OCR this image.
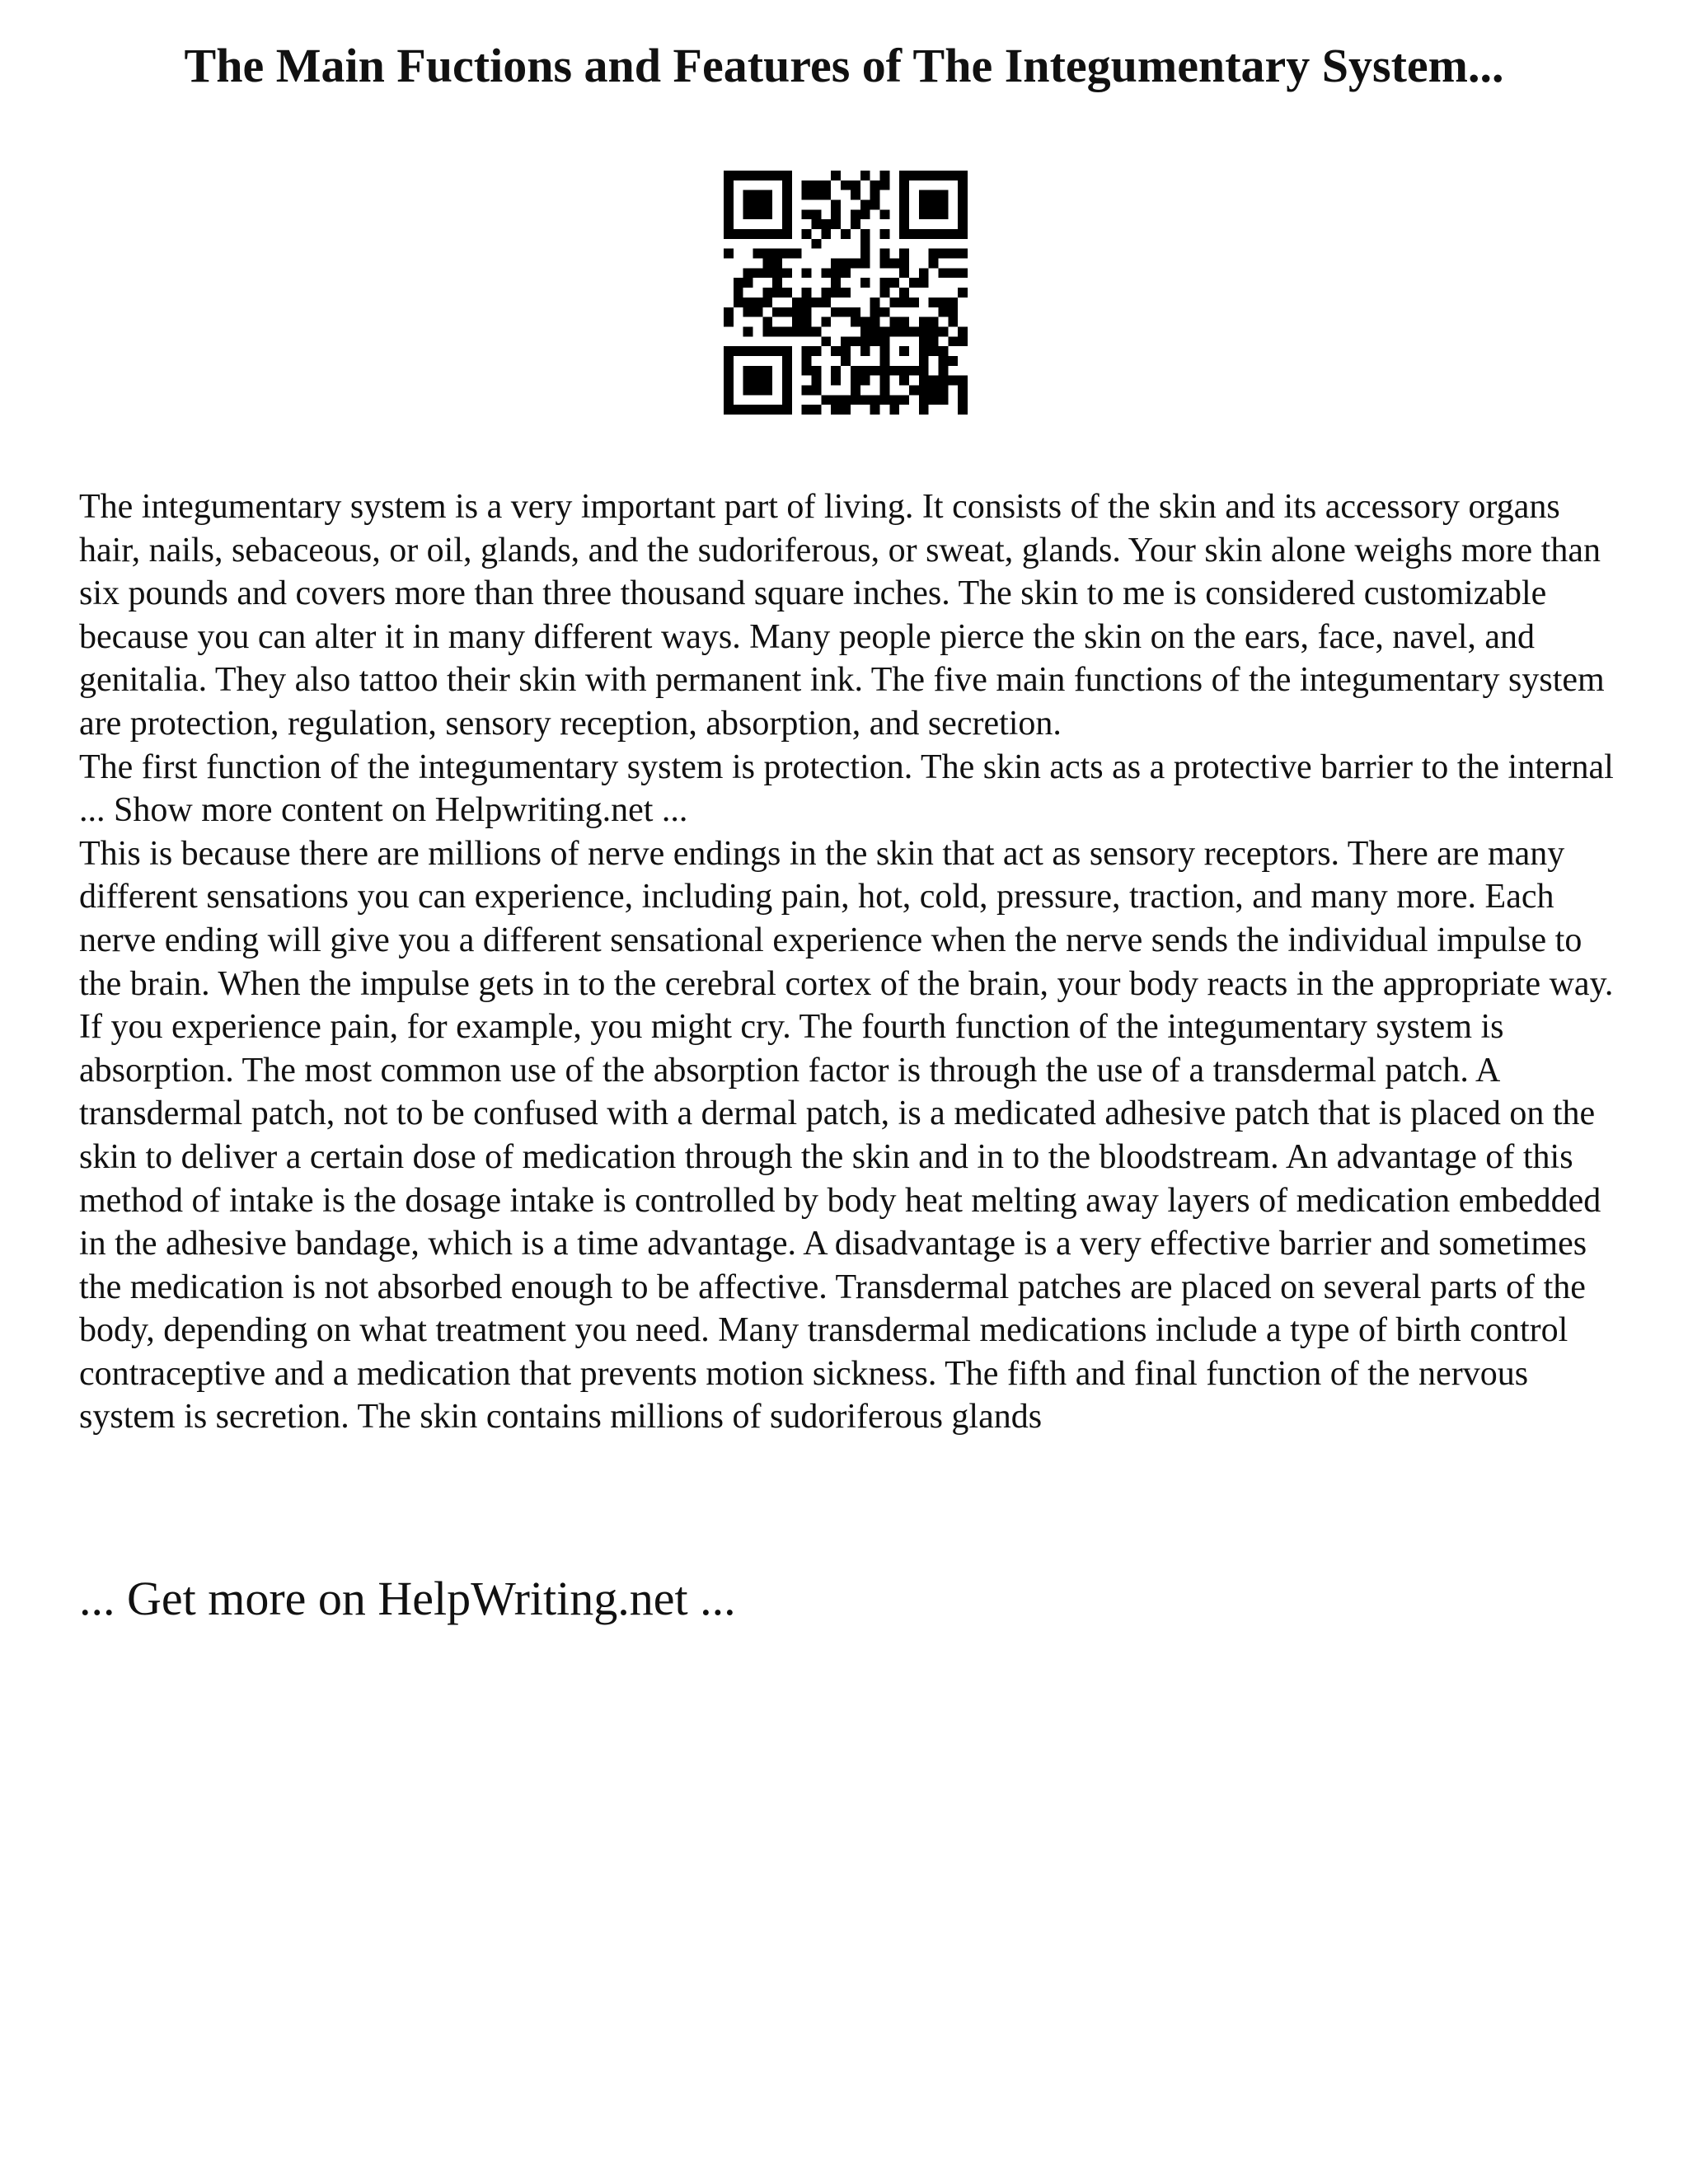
The Main Fuctions and Features of The Integumentary System...

The integumentary system is a very important part of living. It consists of the skin and its accessory organs hair, nails, sebaceous, or oil, glands, and the sudoriferous, or sweat, glands. Your skin alone weighs more than six pounds and covers more than three thousand square inches. The skin to me is considered customizable because you can alter it in many different ways. Many people pierce the skin on the ears, face, navel, and genitalia. They also tattoo their skin with permanent ink. The five main functions of the integumentary system are protection, regulation, sensory reception, absorption, and secretion.

The first function of the integumentary system is protection. The skin acts as a protective barrier to the internal ... Show more content on Helpwriting.net ...

This is because there are millions of nerve endings in the skin that act as sensory receptors. There are many different sensations you can experience, including pain, hot, cold, pressure, traction, and many more. Each nerve ending will give you a different sensational experience when the nerve sends the individual impulse to the brain. When the impulse gets in to the cerebral cortex of the brain, your body reacts in the appropriate way. If you experience pain, for example, you might cry. The fourth function of the integumentary system is absorption. The most common use of the absorption factor is through the use of a transdermal patch. A transdermal patch, not to be confused with a dermal patch, is a medicated adhesive patch that is placed on the skin to deliver a certain dose of medication through the skin and in to the bloodstream. An advantage of this method of intake is the dosage intake is controlled by body heat melting away layers of medication embedded in the adhesive bandage, which is a time advantage. A disadvantage is a very effective barrier and sometimes the medication is not absorbed enough to be affective. Transdermal patches are placed on several parts of the body, depending on what treatment you need. Many transdermal medications include a type of birth control contraceptive and a medication that prevents motion sickness. The fifth and final function of the nervous system is secretion. The skin contains millions of sudoriferous glands

... Get more on HelpWriting.net ...
